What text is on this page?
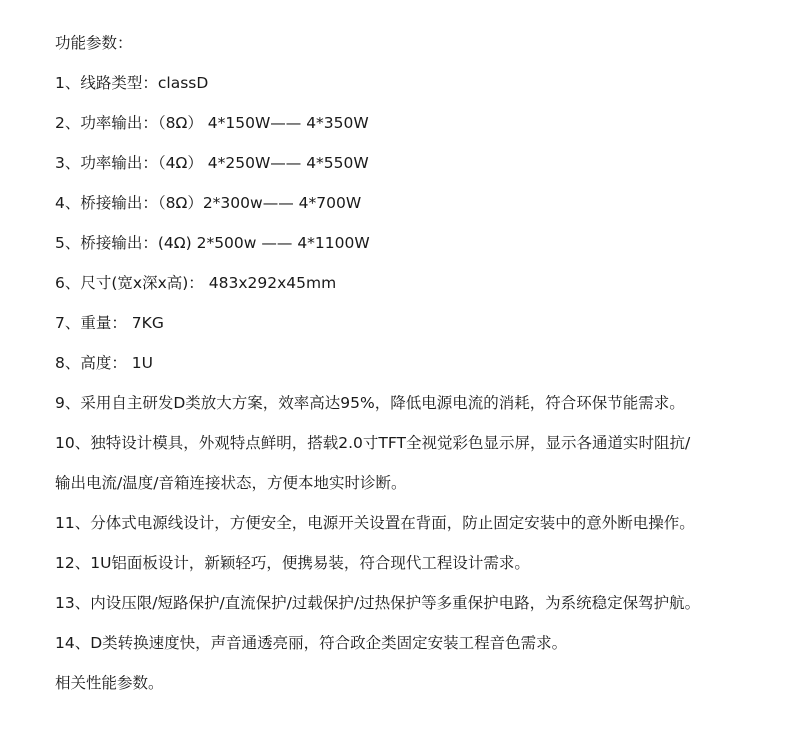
功能参数：
1、线路类型：classD
2、功率输出：（8Ω） 4*150W—— 4*350W
3、功率输出：（4Ω） 4*250W—— 4*550W
4、桥接输出：（8Ω）2*300w—— 4*700W
5、桥接输出：(4Ω) 2*500w —— 4*1100W
6、尺寸(宽x深x高)： 483x292x45mm
7、重量： 7KG
8、高度： 1U
9、采用自主研发D类放大方案，效率高达95%，降低电源电流的消耗，符合环保节能需求。
10、独特设计模具，外观特点鲜明，搭载2.0寸TFT全视觉彩色显示屏，显示各通道实时阻抗/
输出电流/温度/音箱连接状态，方便本地实时诊断。
11、分体式电源线设计，方便安全，电源开关设置在背面，防止固定安装中的意外断电操作。
12、1U铝面板设计，新颖轻巧，便携易装，符合现代工程设计需求。
13、内设压限/短路保护/直流保护/过载保护/过热保护等多重保护电路，为系统稳定保驾护航。
14、D类转换速度快，声音通透亮丽，符合政企类固定安装工程音色需求。
相关性能参数。
